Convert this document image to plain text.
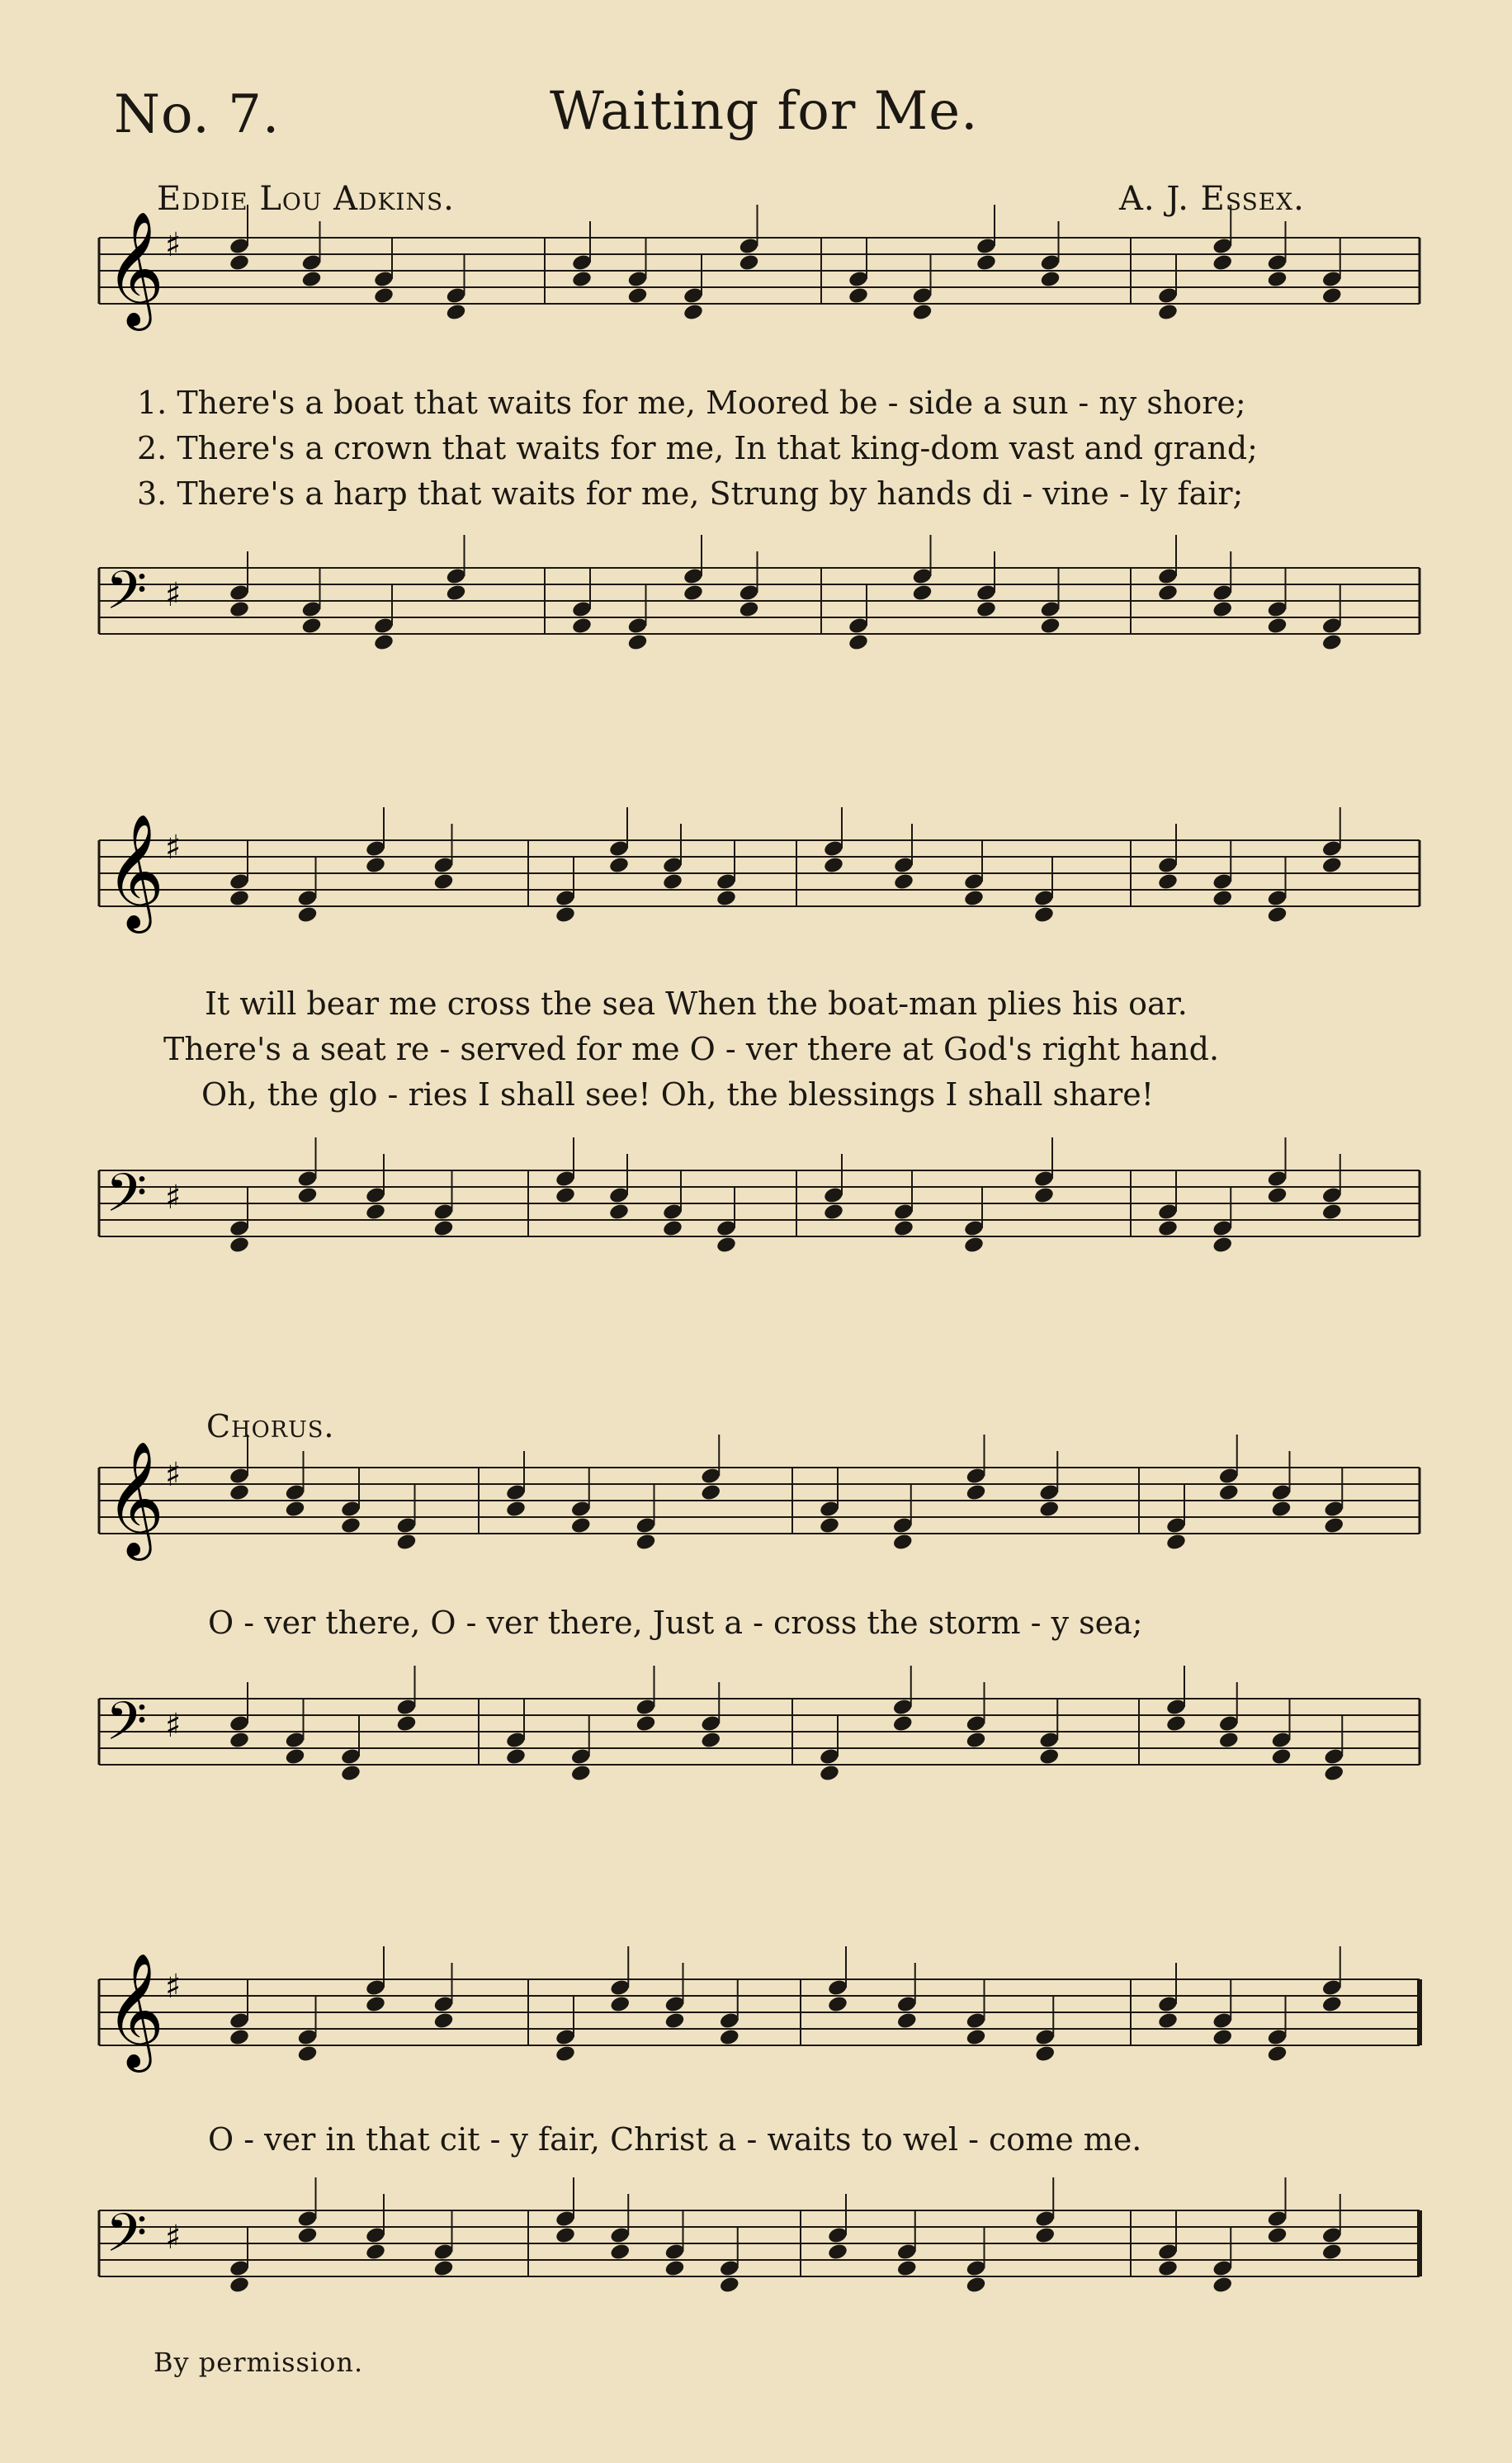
No. 7.	Waiting for Me.
Eddie Lou Adkins.	A. J. Essex.
𝄞 ♯
1. There's a boat that waits for me, Moored be - side a sun - ny shore;
2. There's a crown that waits for me, In that king-dom vast and grand;
3. There's a harp that waits for me, Strung by hands di - vine - ly fair;
𝄢 ♯
𝄞 ♯
It will bear me cross the sea When the boat-man plies his oar.
There's a seat re - served for me O - ver there at God's right hand.
Oh, the glo - ries I shall see! Oh, the blessings I shall share!
𝄢 ♯
Chorus.
𝄞 ♯
O - ver there, O - ver there, Just a - cross the storm - y sea;
𝄢 ♯
𝄞 ♯
O - ver in that cit - y fair, Christ a - waits to wel - come me.
𝄢 ♯
By permission.
